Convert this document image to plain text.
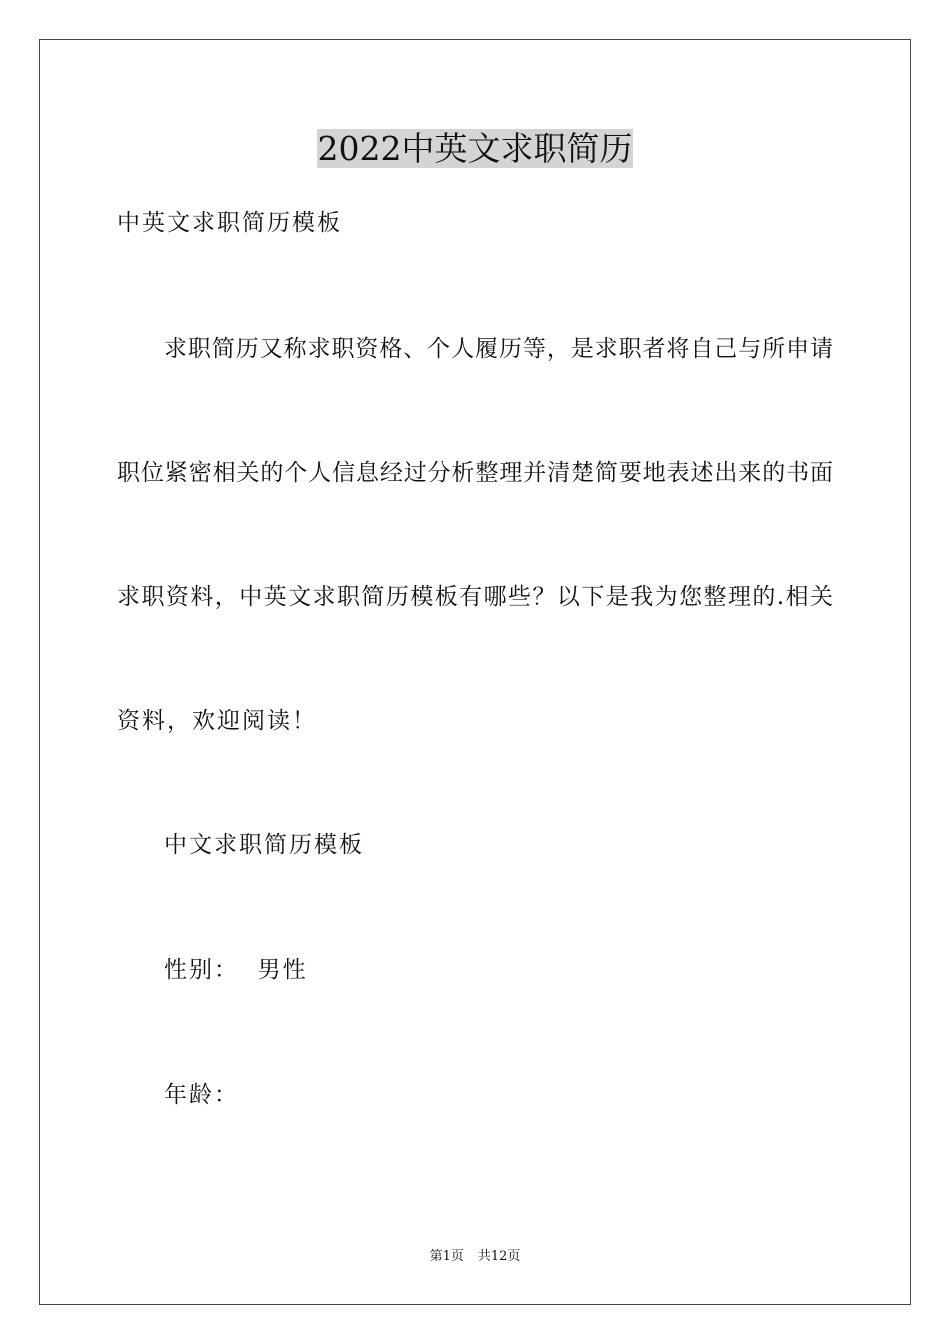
2022中英文求职简历
中英文求职简历模板
求职简历又称求职资格、个人履历等，是求职者将自己与所申请
职位紧密相关的个人信息经过分析整理并清楚简要地表述出来的书面
求职资料，中英文求职简历模板有哪些？以下是我为您整理的.相关
资料，欢迎阅读！
中文求职简历模板
性别：  男性
年龄：
第1页 共12页
